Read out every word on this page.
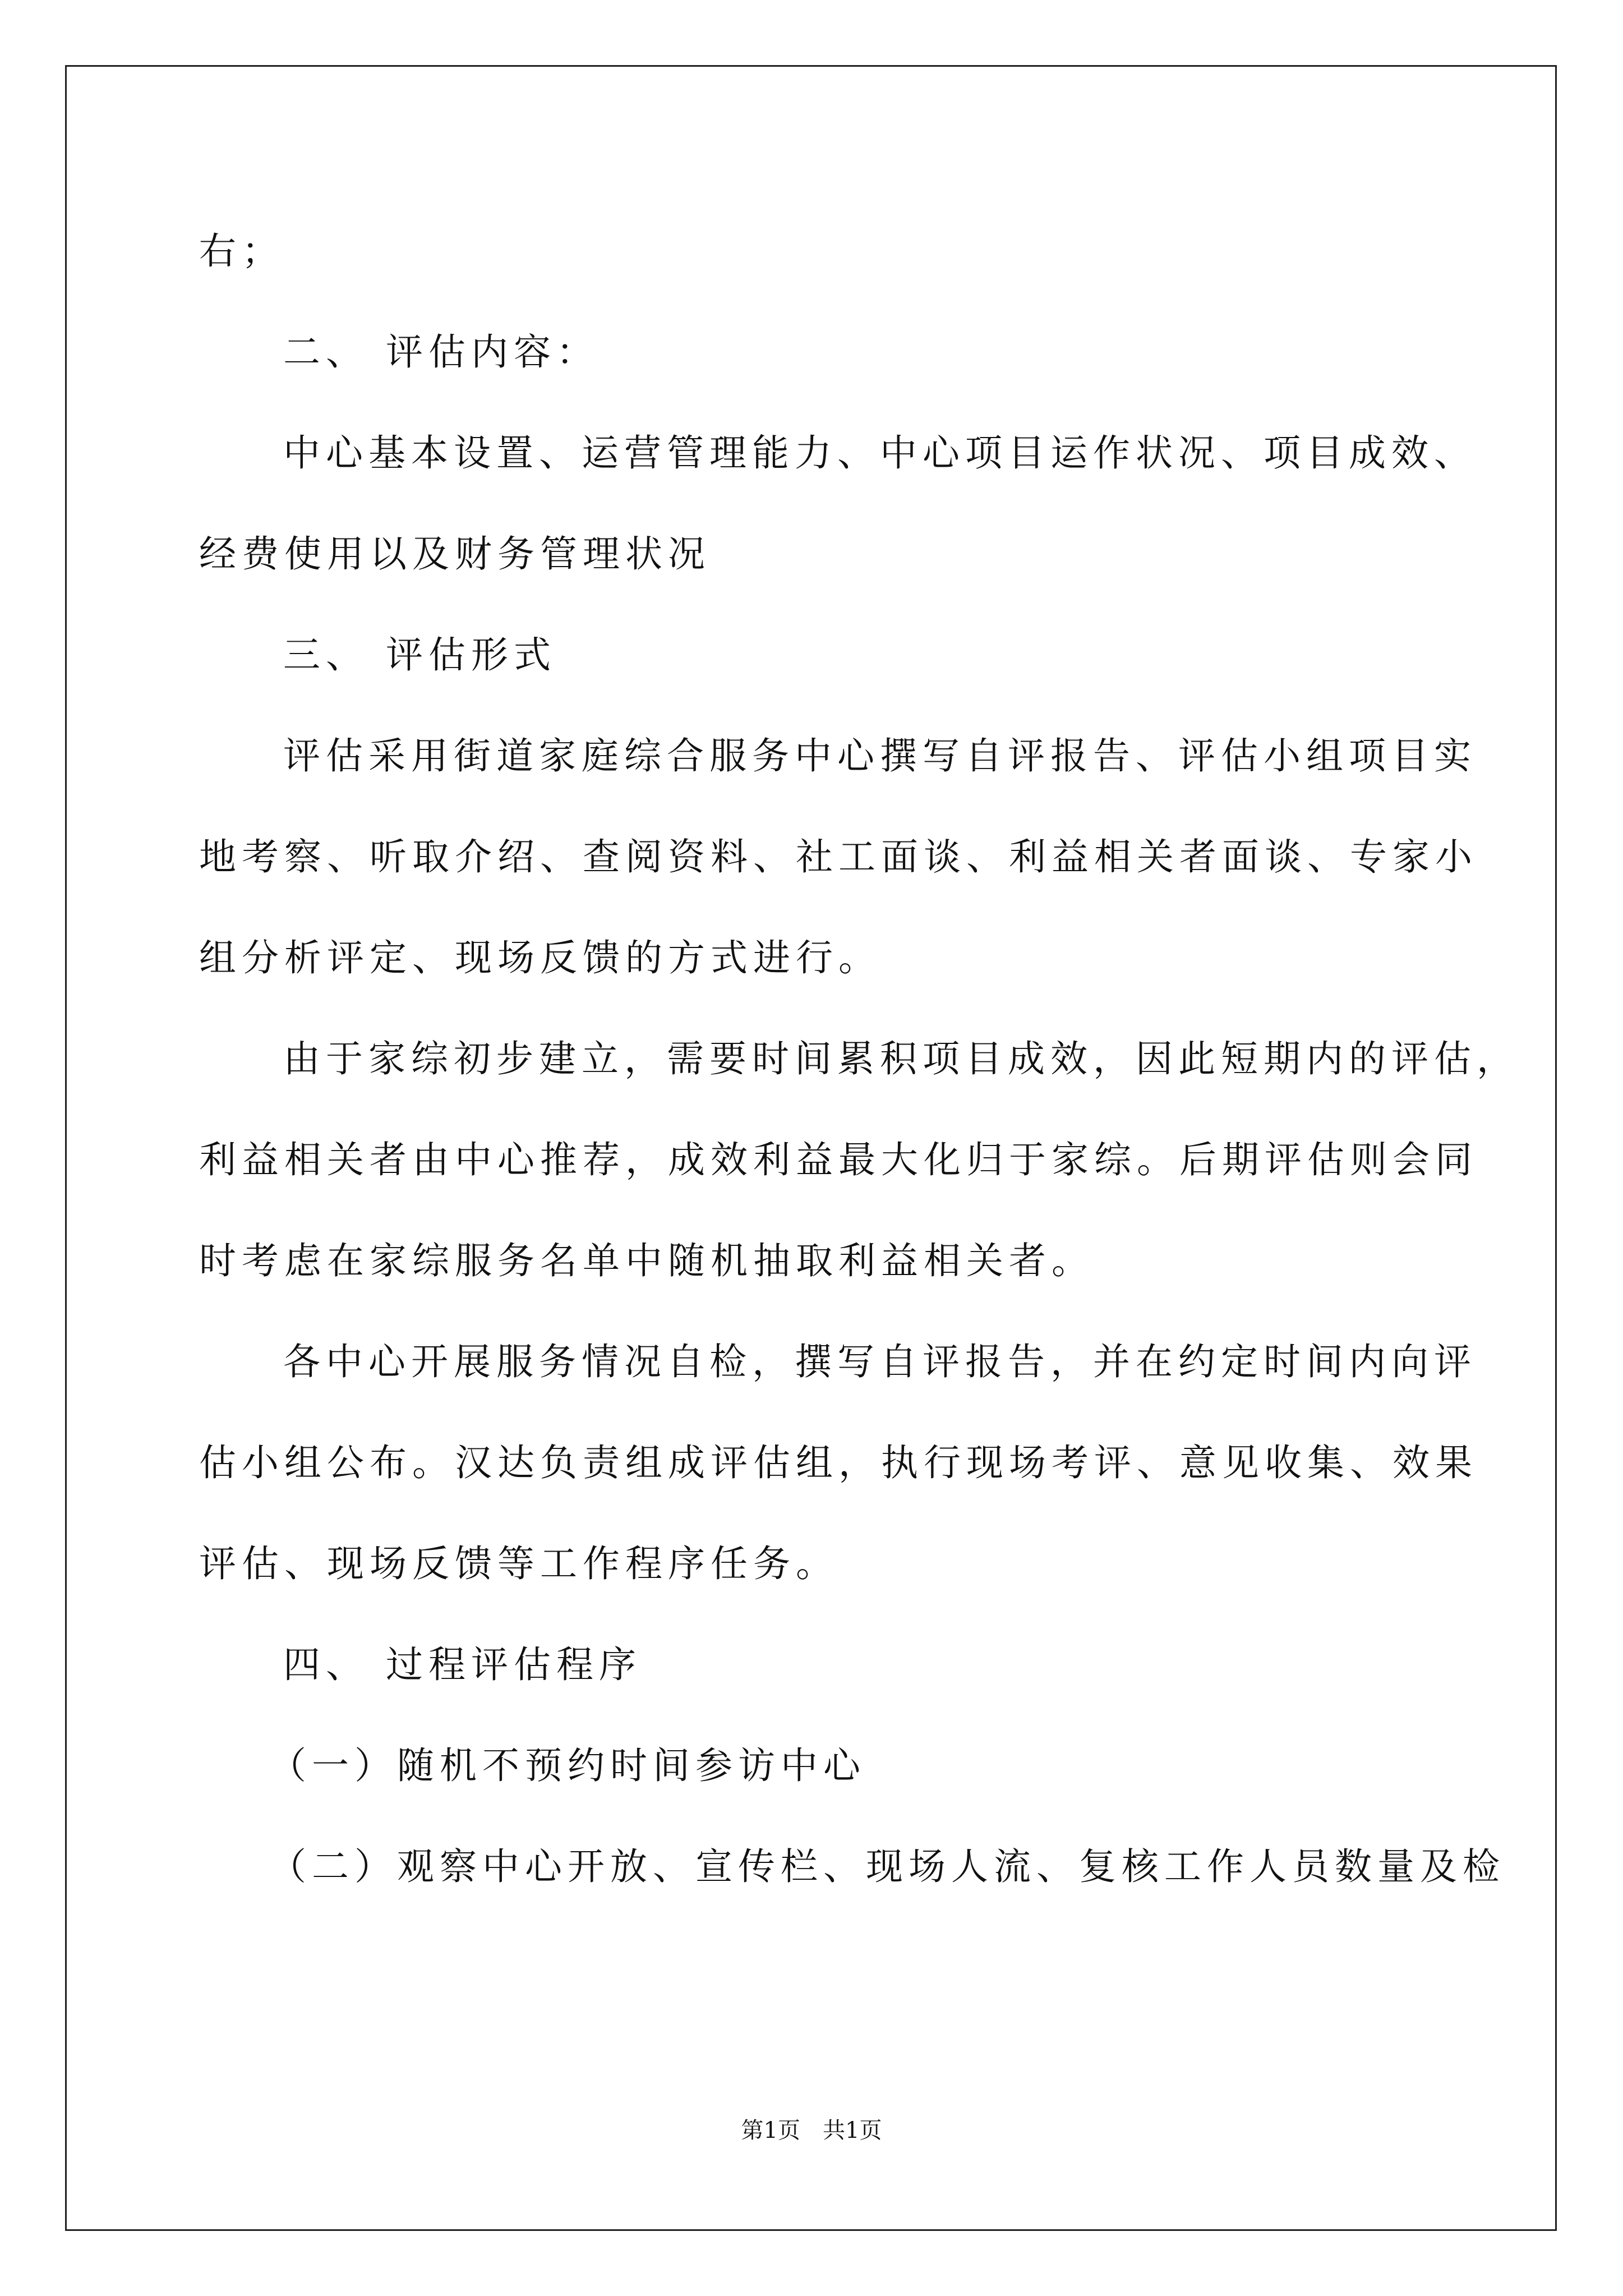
右；
二、 评估内容：
中心基本设置、运营管理能力、中心项目运作状况、项目成效、
经费使用以及财务管理状况
三、 评估形式
评估采用街道家庭综合服务中心撰写自评报告、评估小组项目实
地考察、听取介绍、查阅资料、社工面谈、利益相关者面谈、专家小
组分析评定、现场反馈的方式进行。
由于家综初步建立，需要时间累积项目成效，因此短期内的评估，
利益相关者由中心推荐，成效利益最大化归于家综。后期评估则会同
时考虑在家综服务名单中随机抽取利益相关者。
各中心开展服务情况自检，撰写自评报告，并在约定时间内向评
估小组公布。汉达负责组成评估组，执行现场考评、意见收集、效果
评估、现场反馈等工作程序任务。
四、 过程评估程序
（一）随机不预约时间参访中心
（二）观察中心开放、宣传栏、现场人流、复核工作人员数量及检
第1页 共1页
